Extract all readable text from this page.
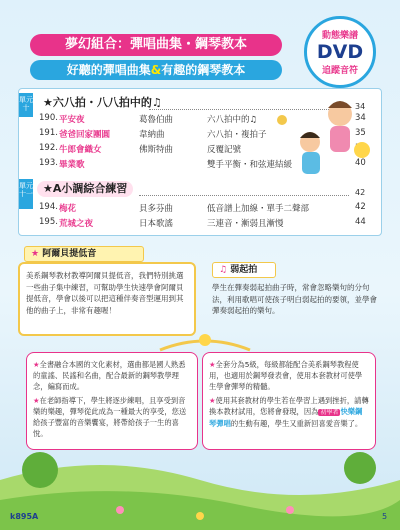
夢幻組合：彈唱曲集・鋼琴教本
好聽的彈唱曲集&有趣的鋼琴教本
動態樂譜
DVD
追蹤音符
單元十	★六八拍・八八拍中的♫	34
190. 平安夜	葛魯伯曲	六八拍中的♫	34
191. 爸爸回家團圓	韋納曲	六八拍・複拍子	35
192. 牛郎會織女	佛斯特曲	反覆記號
193. 畢業歌	雙手平衡・和弦連結緩	40
單元十一 ★A小調綜合練習	42
194. 梅花	貝多芬曲	低音譜上加線・單手二聲部	42
195. 荒城之夜	日本歌謠	三連音・漸弱且漸慢	44
★ 阿爾貝提低音
美系鋼琴教材教導阿爾貝提低音，我們特別挑選一些曲子集中練習，可幫助學生快速學會阿爾貝提低音，學會以後可以把這種伴奏音型運用到其他的曲子上，非常有趣喔！
♫ 弱起拍
學生在彈奏弱起拍曲子時，常會忽略樂句的分句法，利用歌唱可使孩子明白弱起拍的要領，並學會彈奏弱起拍的樂句。

★全書融合本國的文化素材，選曲都是國人熟悉的童謠、民謠和名曲，配合最新的鋼琴教學理念，編寫而成。

★在老師指導下，學生將逐步練唱，且享受到音樂的樂趣，彈琴從此成為一種最大的享受，您送給孩子豐富的音樂饗宴，將帶給孩子一生的喜悅。

★全套分為5級，每級都能配合美系鋼琴教程使用，也適用於鋼琴發表會，使用本套教材可使學生學會彈琴的精髓。

★使用其套教材的學生若在學習上遇到挫折，請轉換本教材試用，您將會發現，因為 初學者 快樂鋼琴彈唱的生動有趣，學生又重新回喜愛音樂了。

k895A	5
